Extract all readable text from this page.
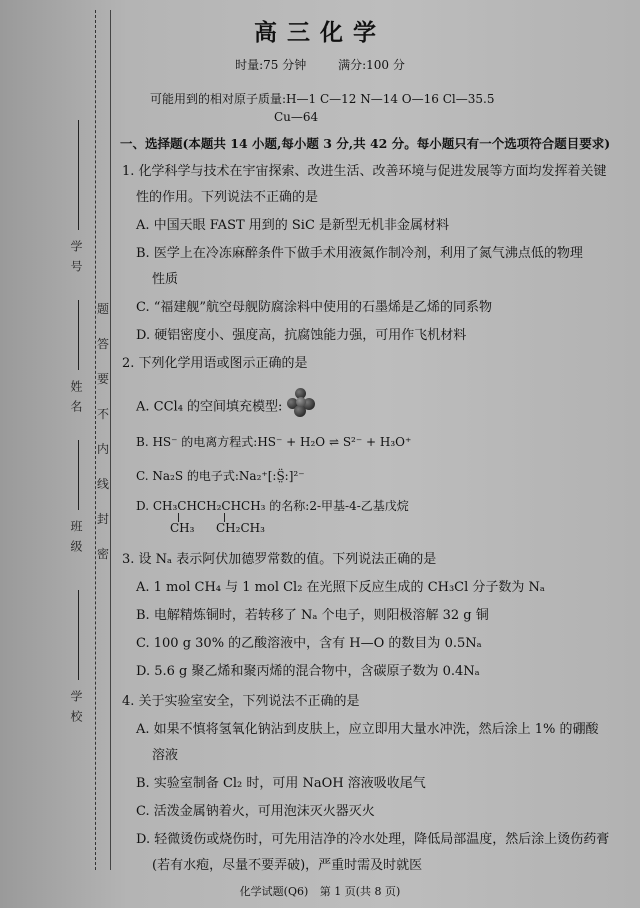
学 号
姓 名
班 级
学 校
题
答
要
不
内
线
封
密
高三化学
时量:75 分钟	满分:100 分
可能用到的相对原子质量:H—1 C—12 N—14 O—16 Cl—35.5
Cu—64
一、选择题(本题共 14 小题,每小题 3 分,共 42 分。每小题只有一个选项符合题目要求)
1. 化学科学与技术在宇宙探索、改进生活、改善环境与促进发展等方面均发挥着关键
性的作用。下列说法不正确的是
A. 中国天眼 FAST 用到的 SiC 是新型无机非金属材料
B. 医学上在冷冻麻醉条件下做手术用液氮作制冷剂，利用了氮气沸点低的物理
性质
C. “福建舰”航空母舰防腐涂料中使用的石墨烯是乙烯的同系物
D. 硬铝密度小、强度高，抗腐蚀能力强，可用作飞机材料
2. 下列化学用语或图示正确的是
A. CCl₄ 的空间填充模型:
B. HS⁻ 的电离方程式:HS⁻ + H₂O ⇌ S²⁻ + H₃O⁺
C. Na₂S 的电子式:Na₂⁺[:S̤̈:]²⁻
D. CH₃CHCH₂CHCH₃ 的名称:2-甲基-4-乙基戊烷
CH₃ CH₂CH₃
3. 设 Nₐ 表示阿伏加德罗常数的值。下列说法正确的是
A. 1 mol CH₄ 与 1 mol Cl₂ 在光照下反应生成的 CH₃Cl 分子数为 Nₐ
B. 电解精炼铜时，若转移了 Nₐ 个电子，则阳极溶解 32 g 铜
C. 100 g 30% 的乙酸溶液中，含有 H—O 的数目为 0.5Nₐ
D. 5.6 g 聚乙烯和聚丙烯的混合物中，含碳原子数为 0.4Nₐ
4. 关于实验室安全，下列说法不正确的是
A. 如果不慎将氢氧化钠沾到皮肤上，应立即用大量水冲洗，然后涂上 1% 的硼酸
溶液
B. 实验室制备 Cl₂ 时，可用 NaOH 溶液吸收尾气
C. 活泼金属钠着火，可用泡沫灭火器灭火
D. 轻微烫伤或烧伤时，可先用洁净的冷水处理，降低局部温度，然后涂上烫伤药膏
(若有水疱，尽量不要弄破)，严重时需及时就医
化学试题(Q6) 第 1 页(共 8 页)
